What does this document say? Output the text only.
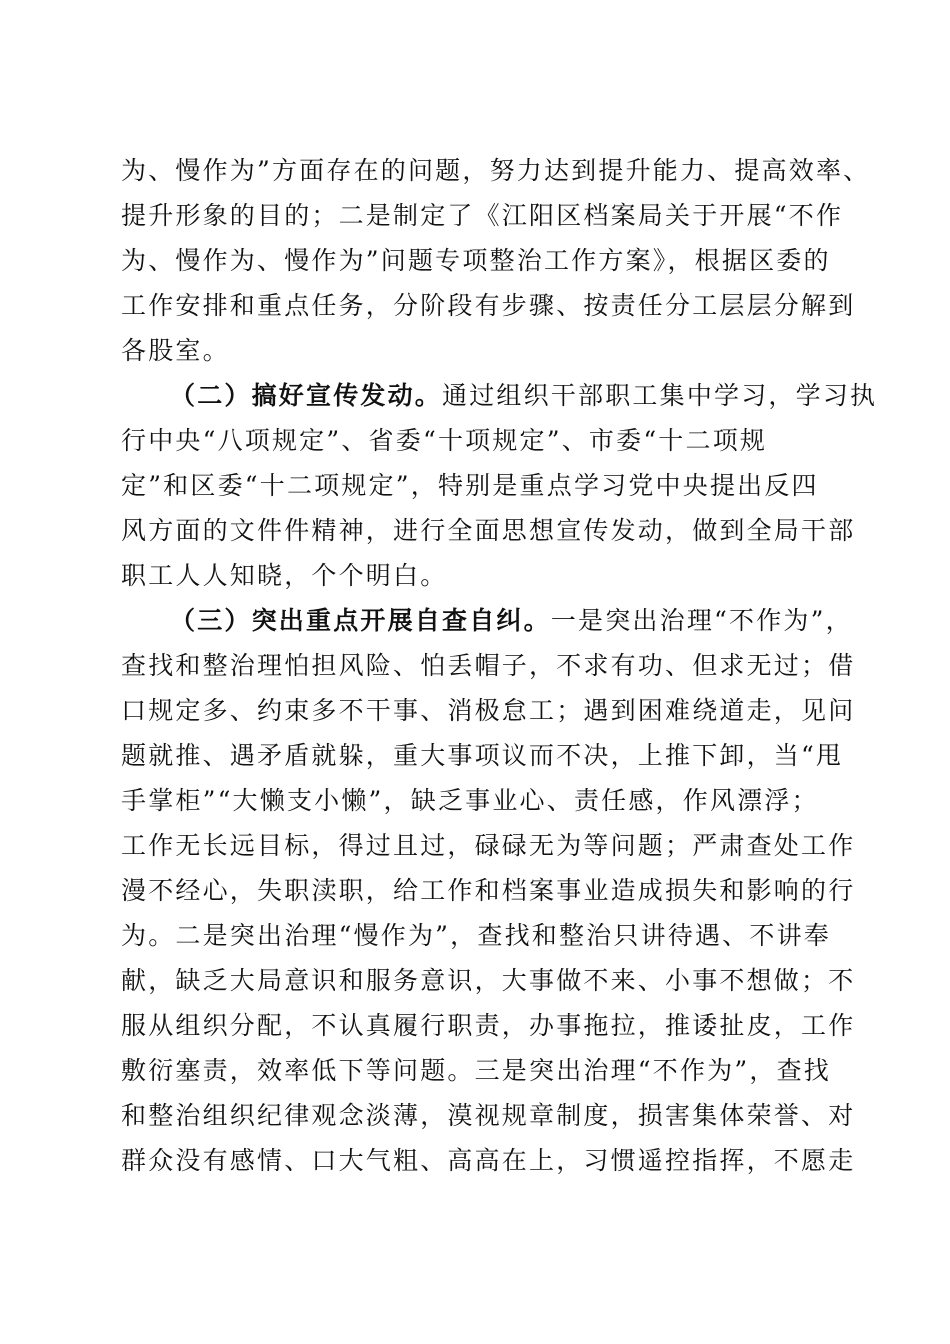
为、慢作为”方面存在的问题，努力达到提升能力、提高效率、
提升形象的目的；二是制定了《江阳区档案局关于开展“不作
为、慢作为、慢作为”问题专项整治工作方案》，根据区委的
工作安排和重点任务，分阶段有步骤、按责任分工层层分解到
各股室。
（二）搞好宣传发动。通过组织干部职工集中学习，学习执
行中央“八项规定”、省委“十项规定”、市委“十二项规
定”和区委“十二项规定”，特别是重点学习党中央提出反四
风方面的文件件精神，进行全面思想宣传发动，做到全局干部
职工人人知晓，个个明白。
（三）突出重点开展自查自纠。一是突出治理“不作为”，
查找和整治理怕担风险、怕丢帽子，不求有功、但求无过；借
口规定多、约束多不干事、消极怠工；遇到困难绕道走，见问
题就推、遇矛盾就躲，重大事项议而不决，上推下卸，当“甩
手掌柜”“大懒支小懒”，缺乏事业心、责任感，作风漂浮；
工作无长远目标，得过且过，碌碌无为等问题；严肃查处工作
漫不经心，失职渎职，给工作和档案事业造成损失和影响的行
为。二是突出治理“慢作为”，查找和整治只讲待遇、不讲奉
献，缺乏大局意识和服务意识，大事做不来、小事不想做；不
服从组织分配，不认真履行职责，办事拖拉，推诿扯皮，工作
敷衍塞责，效率低下等问题。三是突出治理“不作为”，查找
和整治组织纪律观念淡薄，漠视规章制度，损害集体荣誉、对
群众没有感情、口大气粗、高高在上，习惯遥控指挥，不愿走
